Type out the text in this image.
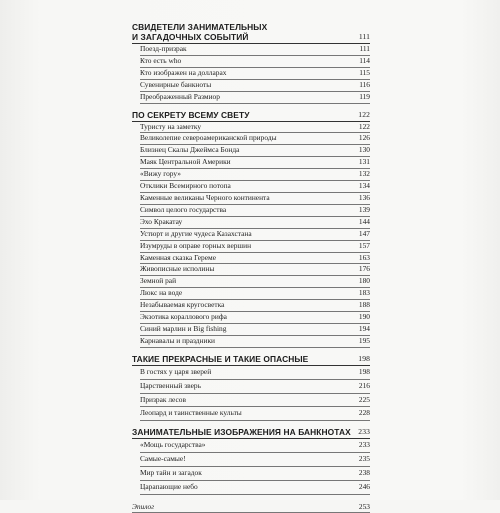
СВИДЕТЕЛИ ЗАНИМАТЕЛЬНЫХ
И ЗАГАДОЧНЫХ СОБЫТИЙ	111
Поезд-призрак	111
Кто есть who	114
Кто изображен на долларах	115
Сувенирные банкноты	116
Преображенный Размиор	119
ПО СЕКРЕТУ ВСЕМУ СВЕТУ	122
Туристу на заметку	122
Великолепие североамериканской природы	126
Близнец Скалы Джеймса Бонда	130
Маяк Центральной Америки	131
«Вижу гору»	132
Отклики Всемирного потопа	134
Каменные великаны Черного континента	136
Символ целого государства	139
Эхо Кракатау	144
Устюрт и другие чудеса Казахстана	147
Изумруды в оправе горных вершин	157
Каменная сказка Гереме	163
Живописные исполины	176
Земной рай	180
Люкс на воде	183
Незабываемая кругосветка	188
Экзотика кораллового рифа	190
Синий марлин и Big fishing	194
Карнавалы и праздники	195
ТАКИЕ ПРЕКРАСНЫЕ И ТАКИЕ ОПАСНЫЕ	198
В гостях у царя зверей	198
Царственный зверь	216
Призрак лесов	225
Леопард и таинственные культы	228
ЗАНИМАТЕЛЬНЫЕ ИЗОБРАЖЕНИЯ НА БАНКНОТАХ 233
«Мощь государства»	233
Самые-самые!	235
Мир тайн и загадок	238
Царапающие небо	246
Эпилог	253
